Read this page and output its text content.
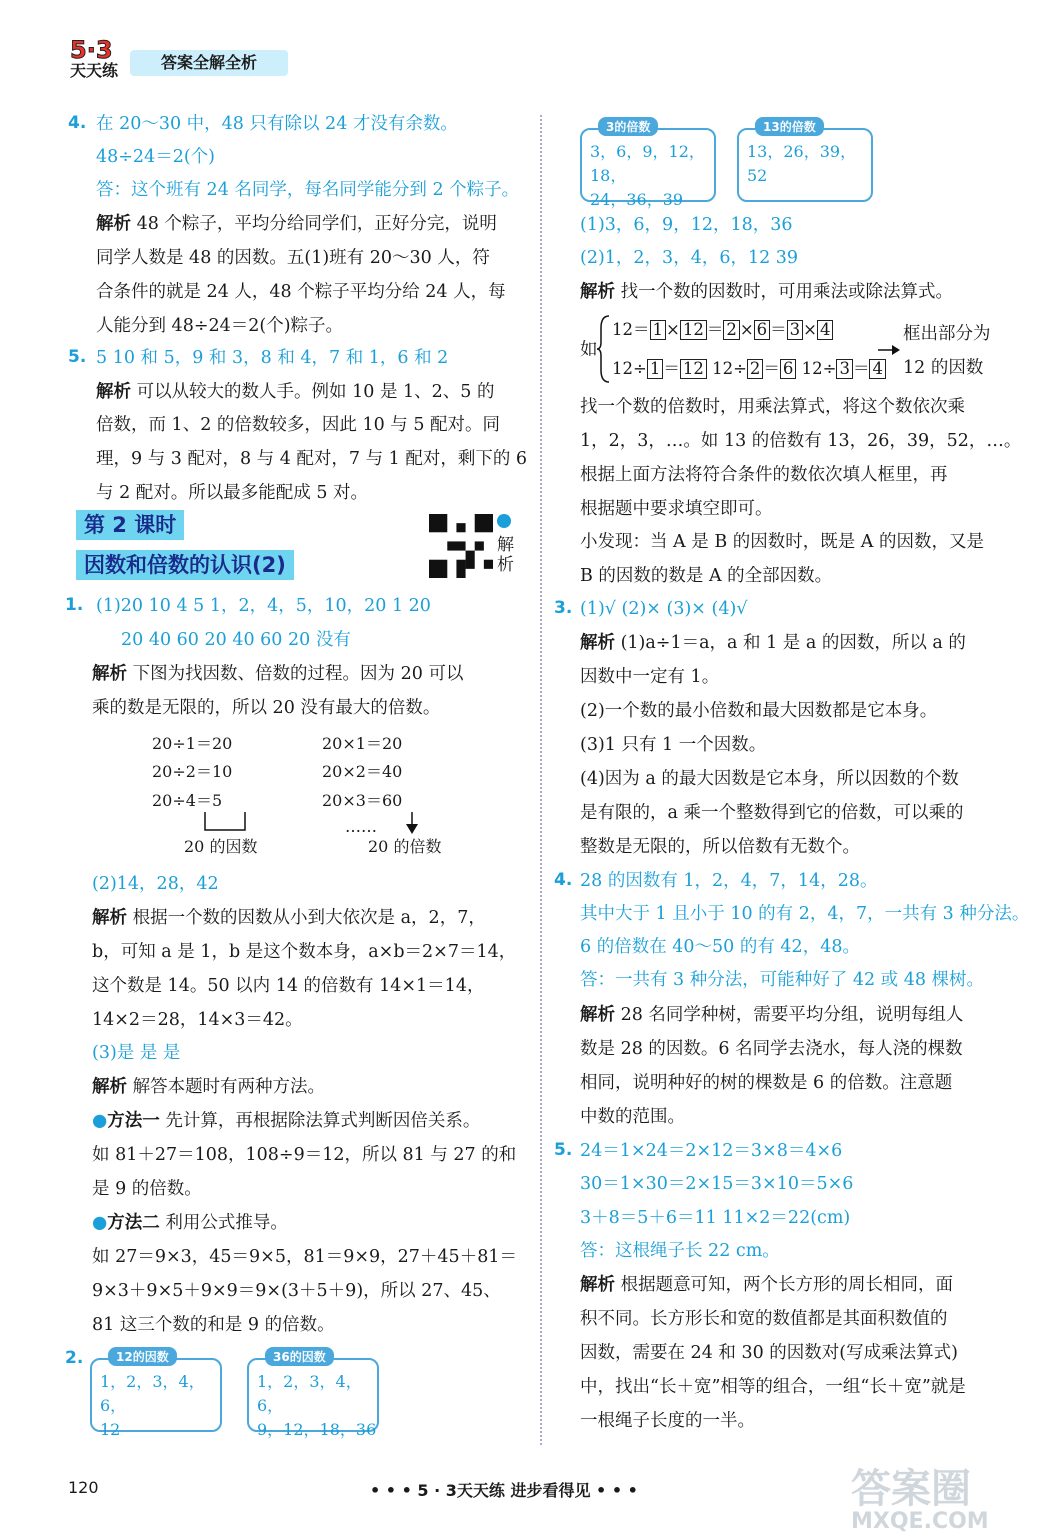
5·3
天天练	答案全解全析
4. 在 20～30 中，48 只有除以 24 才没有余数。
48÷24＝2(个)
答：这个班有 24 名同学，每名同学能分到 2 个粽子。
解析 48 个粽子，平均分给同学们，正好分完，说明
同学人数是 48 的因数。五(1)班有 20～30 人，符
合条件的就是 24 人，48 个粽子平均分给 24 人，每
人能分到 48÷24＝2(个)粽子。
5. 5 10 和 5，9 和 3，8 和 4，7 和 1，6 和 2
解析 可以从较大的数人手。例如 10 是 1、2、5 的
倍数，而 1、2 的倍数较多，因此 10 与 5 配对。同
理，9 与 3 配对，8 与 4 配对，7 与 1 配对，剩下的 6
与 2 配对。所以最多能配成 5 对。
第 2 课时
因数和倍数的认识(2)
解析
1. (1)20 10 4 5 1，2，4，5，10，20 1 20
20 40 60 20 40 60 20 没有
解析 下图为找因数、倍数的过程。因为 20 可以
乘的数是无限的，所以 20 没有最大的倍数。
20÷1＝20
20÷2＝10
20÷4＝5
20×1＝20
20×2＝40
20×3＝60
……
20 的因数	20 的倍数
(2)14，28，42
解析 根据一个数的因数从小到大依次是 a，2，7，
b，可知 a 是 1，b 是这个数本身，a×b＝2×7＝14，
这个数是 14。50 以内 14 的倍数有 14×1＝14，
14×2＝28，14×3＝42。
(3)是 是 是
解析 解答本题时有两种方法。
●方法一 先计算，再根据除法算式判断因倍关系。
如 81＋27＝108，108÷9＝12，所以 81 与 27 的和
是 9 的倍数。
●方法二 利用公式推导。
如 27＝9×3，45＝9×5，81＝9×9，27＋45＋81＝
9×3＋9×5＋9×9＝9×(3＋5＋9)，所以 27、45、
81 这三个数的和是 9 的倍数。
2.	12的因数
1，2，3，4，6，
12
36的因数
1，2，3，4，6，
9，12，18，36
3的倍数
3，6，9，12，18，
24，36，39
13的倍数
13，26，39，52
(1)3，6，9，12，18，36
(2)1，2，3，4，6，12 39
解析 找一个数的因数时，可用乘法或除法算式。
如
12＝ 1 × 12 ＝ 2 × 6 ＝ 3 × 4
12÷ 1 ＝ 12 12÷ 2 ＝ 6 12÷ 3 ＝ 4
框出部分为
12 的因数
找一个数的倍数时，用乘法算式，将这个数依次乘
1，2，3，…。如 13 的倍数有 13，26，39，52，…。
根据上面方法将符合条件的数依次填人框里，再
根据题中要求填空即可。
小发现：当 A 是 B 的因数时，既是 A 的因数，又是
B 的因数的数是 A 的全部因数。
3. (1)√ (2)× (3)× (4)√
解析 (1)a÷1＝a，a 和 1 是 a 的因数，所以 a 的
因数中一定有 1。
(2)一个数的最小倍数和最大因数都是它本身。
(3)1 只有 1 一个因数。
(4)因为 a 的最大因数是它本身，所以因数的个数
是有限的，a 乘一个整数得到它的倍数，可以乘的
整数是无限的，所以倍数有无数个。
4. 28 的因数有 1，2，4，7，14，28。
其中大于 1 且小于 10 的有 2，4，7，一共有 3 种分法。
6 的倍数在 40～50 的有 42，48。
答：一共有 3 种分法，可能种好了 42 或 48 棵树。
解析 28 名同学种树，需要平均分组，说明每组人
数是 28 的因数。6 名同学去浇水，每人浇的棵数
相同，说明种好的树的棵数是 6 的倍数。注意题
中数的范围。
5. 24＝1×24＝2×12＝3×8＝4×6
30＝1×30＝2×15＝3×10＝5×6
3＋8＝5＋6＝11 11×2＝22(cm)
答：这根绳子长 22 cm。
解析 根据题意可知，两个长方形的周长相同，面
积不同。长方形长和宽的数值都是其面积数值的
因数，需要在 24 和 30 的因数对(写成乘法算式)
中，找出“长＋宽”相等的组合，一组“长＋宽”就是
一根绳子长度的一半。
120	• • • 5 · 3天天练 进步看得见 • • •	答案圈
MXQE.COM
